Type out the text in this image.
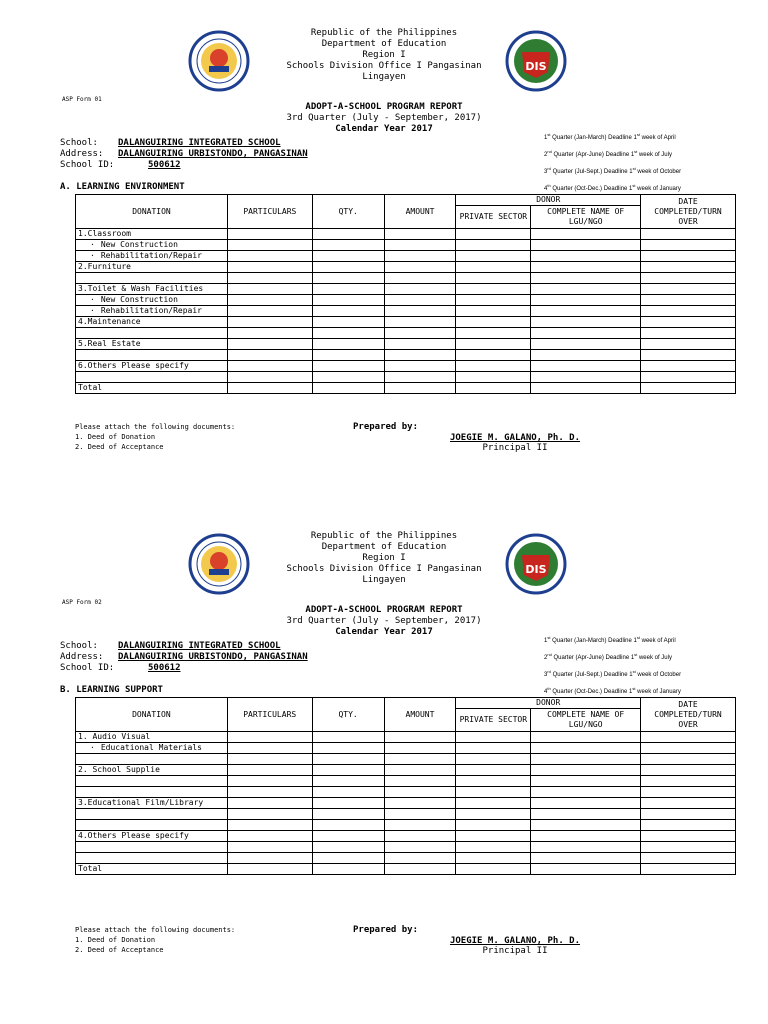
DIS
Republic of the Philippines
Department of Education
Region I
Schools Division Office I Pangasinan
Lingayen
ASP Form 01
ADOPT-A-SCHOOL PROGRAM REPORT
3rd Quarter (July - September, 2017)
Calendar Year 2017
School:	DALANGUIRING INTEGRATED SCHOOL
Address:	DALANGUIRING URBISTONDO, PANGASINAN
School ID:	500612
1st Quarter (Jan-March) Deadline 1st week of April
2nd Quarter (Apr-June) Deadline 1st week of July
3rd Quarter (Jul-Sept.) Deadline 1st week of October
4th Quarter (Oct-Dec.) Deadline 1st week of January
A. LEARNING ENVIRONMENT
DONATION	PARTICULARS	QTY.	AMOUNT	DONOR		DATE COMPLETED/TURN OVER
				PRIVATE SECTOR	COMPLETE NAME OF LGU/NGO	
1.Classroom						
· New Construction						
· Rehabilitation/Repair						
2.Furniture						

3.Toilet & Wash Facilities						
· New Construction						
· Rehabilitation/Repair						
4.Maintenance						

5.Real Estate						

6.Others Please specify						

Total						
Please attach the following documents:
1. Deed of Donation
2. Deed of Acceptance
Prepared by:
JOEGIE M. GALANO, Ph. D.
Principal II
DIS
Republic of the Philippines
Department of Education
Region I
Schools Division Office I Pangasinan
Lingayen
ASP Form 02
ADOPT-A-SCHOOL PROGRAM REPORT
3rd Quarter (July - September, 2017)
Calendar Year 2017
School:	DALANGUIRING INTEGRATED SCHOOL
Address:	DALANGUIRING URBISTONDO, PANGASINAN
School ID:	500612
1st Quarter (Jan-March) Deadline 1st week of April
2nd Quarter (Apr-June) Deadline 1st week of July
3rd Quarter (Jul-Sept.) Deadline 1st week of October
4th Quarter (Oct-Dec.) Deadline 1st week of January
B. LEARNING SUPPORT
DONATION	PARTICULARS	QTY.	AMOUNT	DONOR		DATE COMPLETED/TURN OVER
				PRIVATE SECTOR	COMPLETE NAME OF LGU/NGO	
1. Audio Visual						
· Educational Materials						

2. School Supplie						

3.Educational Film/Library						

4.Others Please specify						

Total						
Please attach the following documents:
1. Deed of Donation
2. Deed of Acceptance
Prepared by:
JOEGIE M. GALANO, Ph. D.
Principal II
